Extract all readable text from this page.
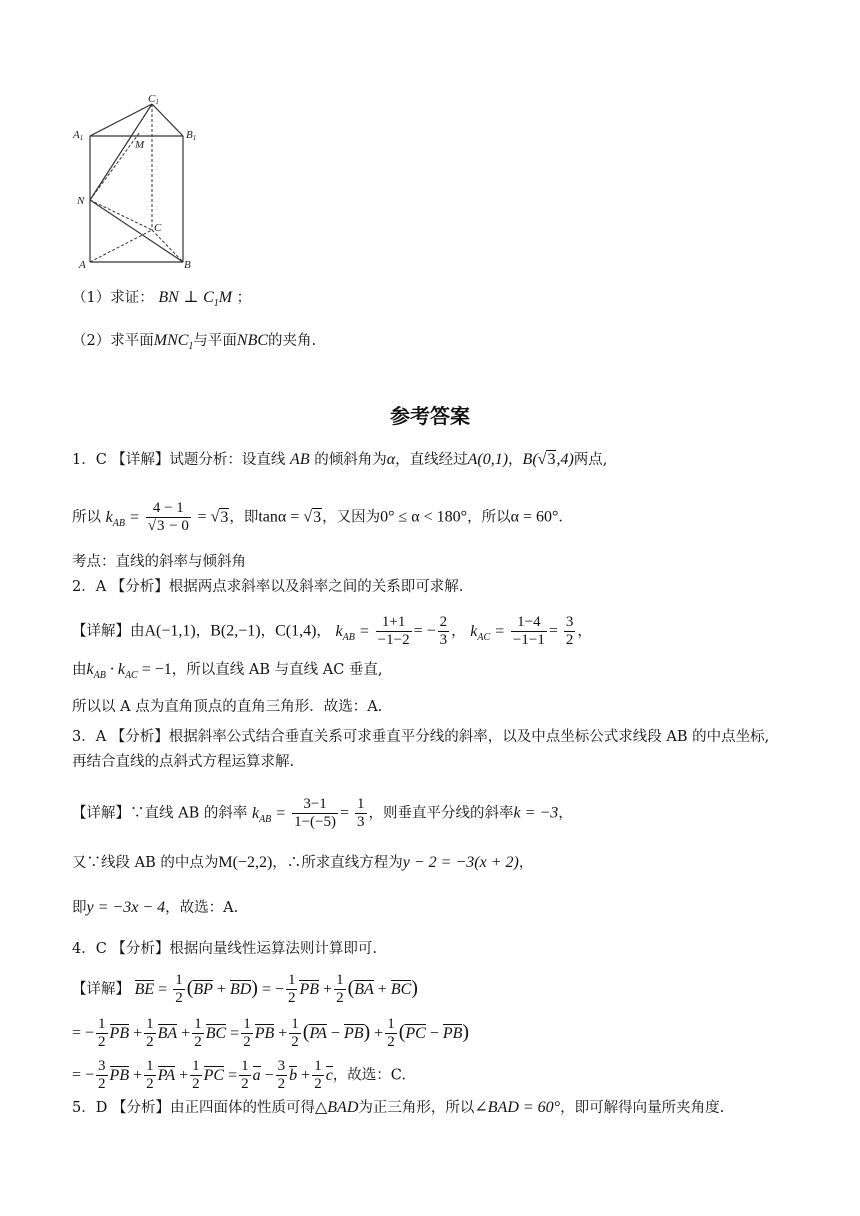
C1
A1	B1
M
N
C
A	B
（1）求证： BN ⊥ $C_1M$ ；
（2）求平面$MNC_1$与平面NBC的夹角.
参考答案
1．C 【详解】试题分析：设直线 AB 的倾斜角为α，直线经过A(0,1)，B(√3,4)两点,
所以 $k_{AB} = \frac{4 - 1}{√3 - 0} = √3$，即tanα = √3，又因为0° ≤ α < 180°，所以α = 60°．
考点：直线的斜率与倾斜角
2．A 【分析】根据两点求斜率以及斜率之间的关系即可求解.
【详解】由A(−1,1)，B(2,−1)，C(1,4)， $k_{AB} = \frac{1+1}{-1-2}$ = − $\frac{2}{3}$ ， $k_{AC} = \frac{1-4}{-1-1} = \frac{3}{2}$ ，
由$k_{AB} \cdot k_{AC} = -1$，所以直线 AB 与直线 AC 垂直,
所以以 A 点为直角顶点的直角三角形．故选：A.
3．A 【分析】根据斜率公式结合垂直关系可求垂直平分线的斜率，以及中点坐标公式求线段 AB 的中点坐标,
再结合直线的点斜式方程运算求解.
【详解】∵直线 AB 的斜率 $k_{AB} = \frac{3-1}{1-(-5)} = \frac{1}{3}$ ，则垂直平分线的斜率k = −3，
又∵线段 AB 的中点为M(−2,2)，∴所求直线方程为y − 2 = −3(x + 2)，
即y = −3x − 4，故选：A.
4．C 【分析】根据向量线性运算法则计算即可.
【详解】 BE = $\frac{1}{2} (BP + BD)$ = − $\frac{1}{2}$ PB + $\frac{1}{2} (BA + BC)$
= − $\frac{1}{2}$ PB + $\frac{1}{2}$ BA + $\frac{1}{2}$ BC = $\frac{1}{2}$ PB + $\frac{1}{2} (PA - PB) + \frac{1}{2} (PC - PB)$
= − $\frac{3}{2}$ PB + $\frac{1}{2}$ PA + $\frac{1}{2}$ PC = $\frac{1}{2}$ $a - \frac{3}{2}$ $b + \frac{1}{2}$ c，故选：C.
5．D 【分析】由正四面体的性质可得△BAD为正三角形，所以∠BAD = 60°，即可解得向量所夹角度.
